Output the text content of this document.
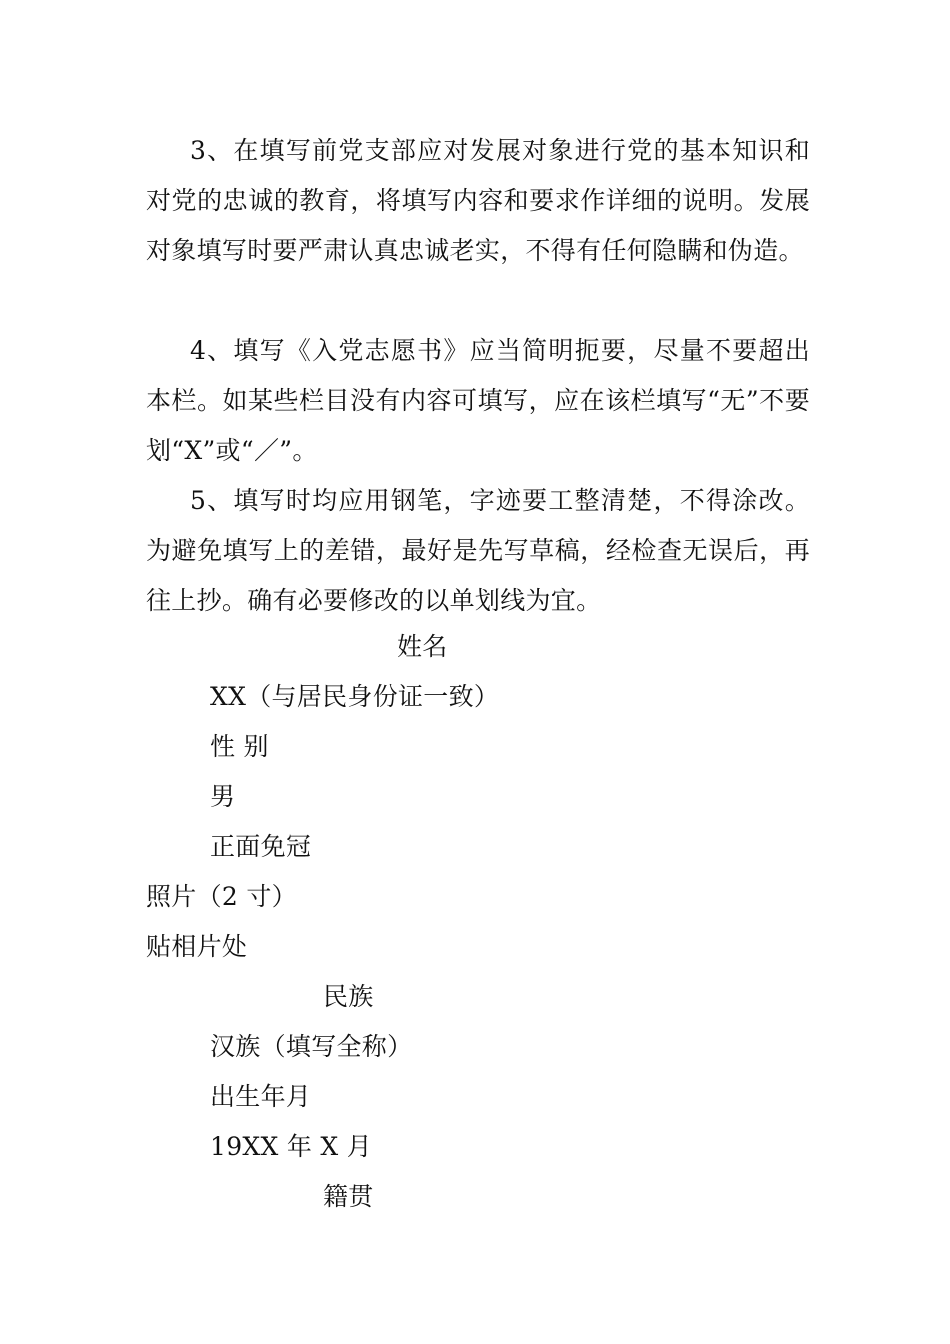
3、在填写前党支部应对发展对象进行党的基本知识和对党的忠诚的教育，将填写内容和要求作详细的说明。发展对象填写时要严肃认真忠诚老实，不得有任何隐瞒和伪造。

4、填写《入党志愿书》应当简明扼要，尽量不要超出本栏。如某些栏目没有内容可填写，应在该栏填写“无”不要划“X”或“／”。

5、填写时均应用钢笔，字迹要工整清楚，不得涂改。为避免填写上的差错，最好是先写草稿，经检查无误后，再往上抄。确有必要修改的以单划线为宜。

姓名
XX（与居民身份证一致）
性 别
男
正面免冠
照片（2 寸）
贴相片处
民族
汉族（填写全称）
出生年月
19XX 年 X 月
籍贯
